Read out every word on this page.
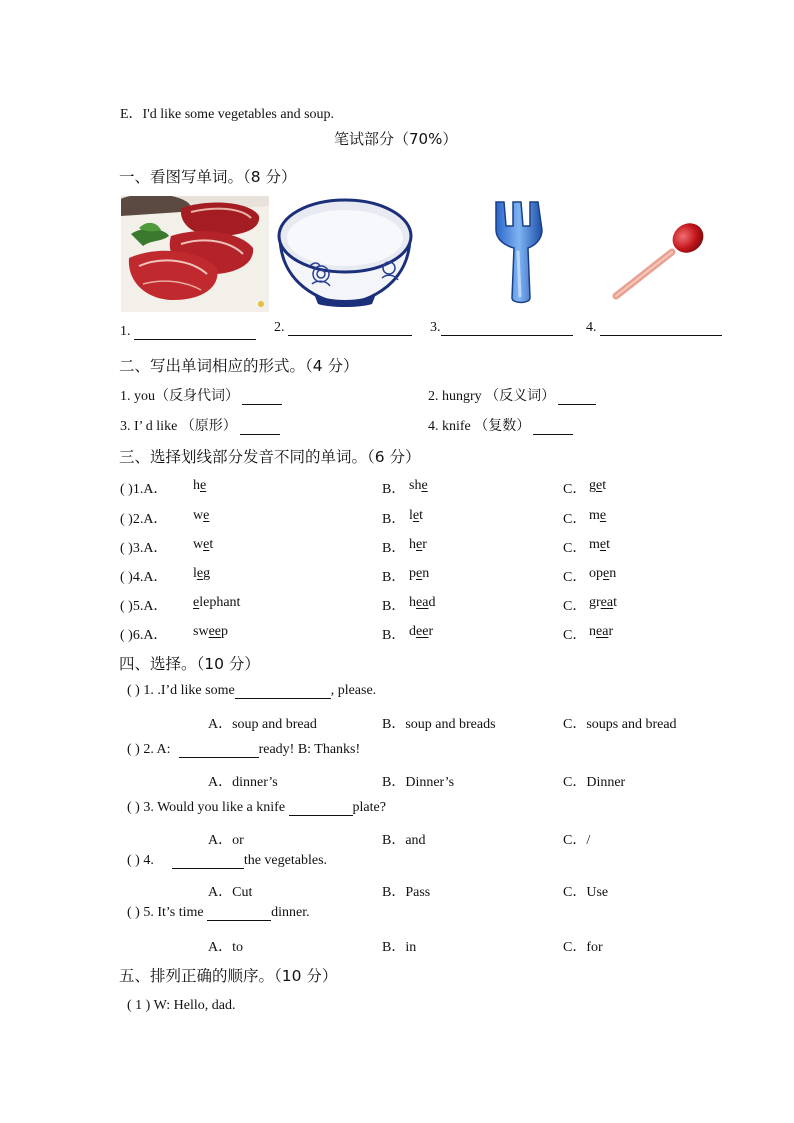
E．I'd like some vegetables and soup.
笔试部分（70%）
一、看图写单词。（8 分）
1.	2.	3.	4.
二、写出单词相应的形式。（4 分）
1. you（反身代词）	2. hungry （反义词）
3. I’ d like （原形）	4. knife （复数）
三、选择划线部分发音不同的单词。（6 分）
( )1.A． he	B． she	C． get
( )2.A． we	B． let	C． me
( )3.A． wet	B． her	C． met
( )4.A． leg	B． pen	C． open
( )5.A． elephant	B． head	C． great
( )6.A． sweep	B． deer	C． near
四、选择。（10 分）
( ) 1. .I’d like some	, please.
A．soup and bread	B．soup and breads	C．soups and bread
( ) 2. A:	ready! B: Thanks!
A．dinner’s	B．Dinner’s	C．Dinner
( ) 3. Would you like a knife	plate?
A．or	B．and	C．/
( ) 4.	the vegetables.
A．Cut	B．Pass	C．Use
( ) 5. It’s time	dinner.
A．to	B．in	C．for
五、排列正确的顺序。（10 分）
( 1 ) W: Hello, dad.
